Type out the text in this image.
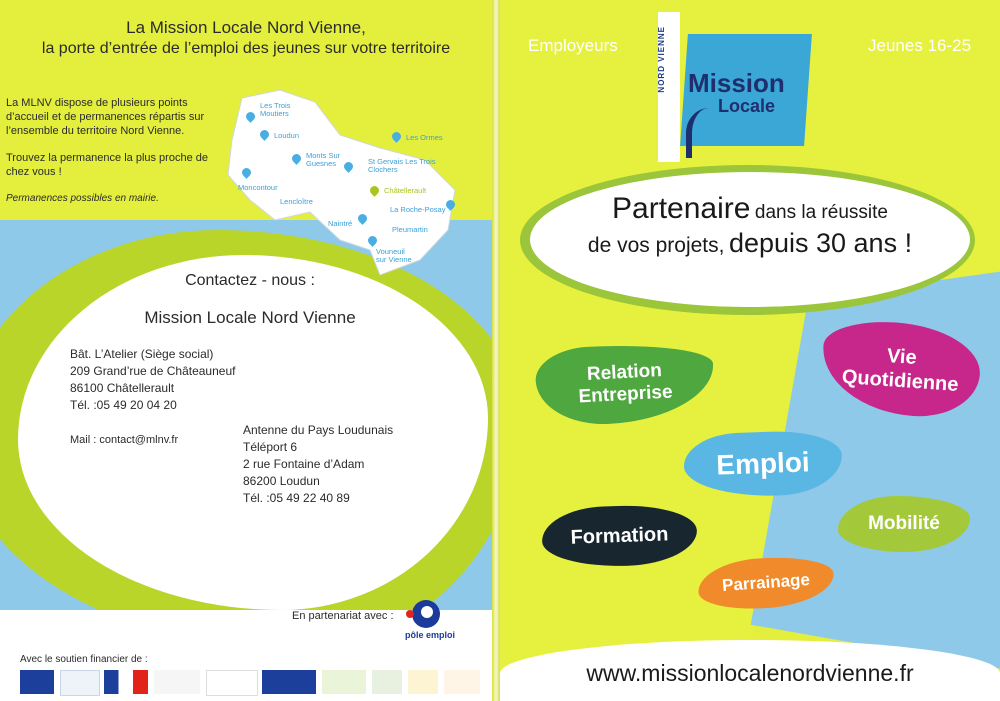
La Mission Locale Nord Vienne,
la porte d’entrée de l’emploi des jeunes sur votre territoire

La MLNV dispose de plusieurs points d’accueil et de permanences répartis sur l’ensemble du territoire Nord Vienne.

Trouvez la permanence la plus proche de chez vous !

Permanences possibles en mairie.

Les Trois Moutiers
Loudun
Monts Sur Guesnes
Moncontour
St Gervais Les Trois Clochers
Les Ormes
Châtellerault
Lencloître
Naintré
La Roche-Posay
Pleumartin
Vouneuil sur Vienne
Contactez - nous :
Mission Locale Nord Vienne
Bât. L’Atelier (Siège social)
209 Grand’rue de Châteauneuf
86100 Châtellerault
Tél. :05 49 20 04 20
Mail : contact@mlnv.fr
Antenne du Pays Loudunais
Téléport 6
2 rue Fontaine d’Adam
86200 Loudun
Tél. :05 49 22 40 89
En partenariat avec :
pôle emploi
Avec le soutien financier de :
Employeurs	Jeunes 16-25
NORD VIENNE Mission
Locale
Partenaire dans la réussite
de vos projets, depuis 30 ans !
Relation
Entreprise
Vie
Quotidienne
Emploi
Formation	Mobilité
Parrainage
www.missionlocalenordvienne.fr
